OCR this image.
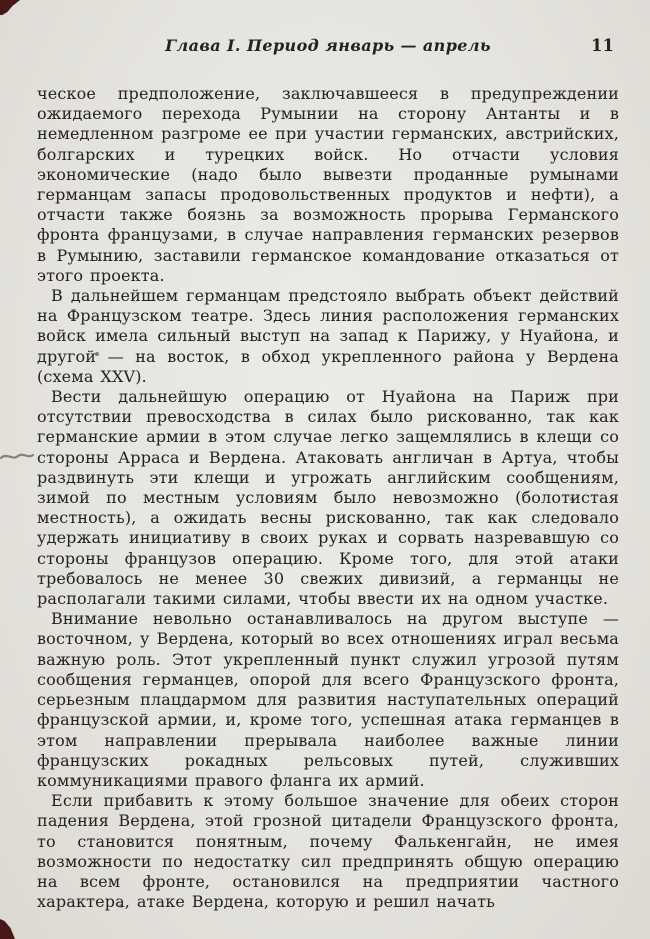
Глава I. Период январь — апрель	11

ческое предположение, заключавшееся в предупреждении ожидаемого перехода Румынии на сторону Антанты и в немедленном разгроме ее при участии германских, австрийских, болгарских и турецких войск. Но отчасти условия экономические (надо было вывезти проданные румынами германцам запасы продовольственных продуктов и нефти), а отчасти также боязнь за возможность прорыва Германского фронта французами, в случае направления германских резервов в Румынию, заставили германское командование отказаться от этого проекта.

В дальнейшем германцам предстояло выбрать объект действий на Французском театре. Здесь линия расположения германских войск имела сильный выступ на запад к Парижу, у Нуайона, и другой — на восток, в обход укрепленного района у Вердена (схема XXV).

Вести дальнейшую операцию от Нуайона на Париж при отсутствии превосходства в силах было рискованно, так как германские армии в этом случае легко защемлялись в клещи со стороны Арраса и Вердена. Атаковать англичан в Артуа, чтобы раздвинуть эти клещи и угрожать английским сообщениям, зимой по местным условиям было невозможно (болотистая местность), а ожидать весны рискованно, так как следовало удержать инициативу в своих руках и сорвать назревавшую со стороны французов операцию. Кроме того, для этой атаки требовалось не менее 30 свежих дивизий, а германцы не располагали такими силами, чтобы ввести их на одном участке.

Внимание невольно останавливалось на другом выступе — восточном, у Вердена, который во всех отношениях играл весьма важную роль. Этот укрепленный пункт служил угрозой путям сообщения германцев, опорой для всего Французского фронта, серьезным плацдармом для развития наступательных операций французской армии, и, кроме того, успешная атака германцев в этом направлении прерывала наиболее важные линии французских рокадных рельсовых путей, служивших коммуникациями правого фланга их армий.

Если прибавить к этому большое значение для обеих сторон падения Вердена, этой грозной цитадели Французского фронта, то становится понятным, почему Фалькенгайн, не имея возможности по недостатку сил предпринять общую операцию на всем фронте, остановился на предприятии частного характера, атаке Вердена, которую и решил начать
